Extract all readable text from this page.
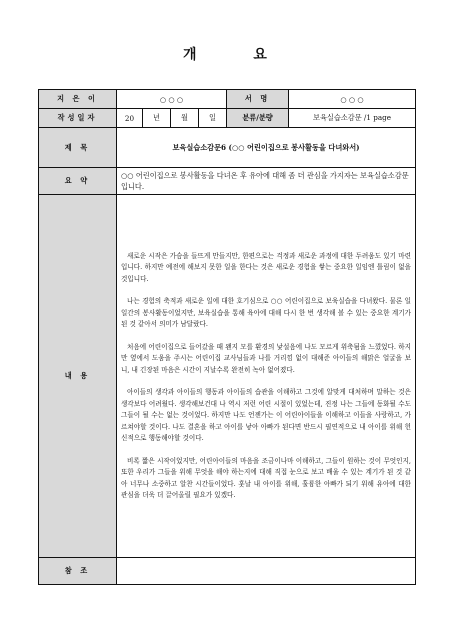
개 요
지 은 이	○ ○ ○				서 명	○ ○ ○
작성일자	20	년	월	일	분류/분량	보육실습소감문 /1 page
제 목	보육실습소감문6 (○○ 어린이집으로 봉사활동을 다녀와서)					
요 약	○○ 어린이집으로 봉사활동을 다녀온 후 유아에 대해 좀 더 관심을 가지자는 보육실습소감문입니다.					
내 용	새로운 시작은 가슴을 들뜨게 만들지만, 한편으로는 걱정과 새로운 과정에 대한 두려움도 있기 마련입니다. 하지만 예전에 해보지 못한 일을 한다는 것은 새로운 경험을 쌓는 중요한 일임엔 틀림이 없을 것입니다.

나는 경험의 축적과 새로운 일에 대한 호기심으로 ○○ 어린이집으로 보육실습을 다녀왔다. 물론 일일간의 봉사활동이었지만, 보육실습을 통해 육아에 대해 다시 한 번 생각해 볼 수 있는 중요한 계기가 된 것 같아서 의미가 남달랐다.

처음에 어린이집으로 들어갔을 때 왠지 모를 환경의 낯설음에 나도 모르게 위축됨을 느꼈었다. 하지만 옆에서 도움을 주시는 어린이집 교사님들과 나를 거리낌 없이 대해준 아이들의 해맑은 얼굴을 보니, 내 긴장된 마음은 시간이 지날수록 완전히 녹아 없어졌다.

아이들의 생각과 아이들의 행동과 아이들의 습관을 이해하고 그것에 알맞게 대처하며 말하는 것은 생각보다 어려웠다. 생각해보건대 나 역시 저런 어린 시절이 있었는데, 진정 나는 그들에 동화될 수도 그들이 될 수는 없는 것이었다. 하지만 나도 언젠가는 이 어린아이들을 이해하고 이들을 사랑하고, 가르쳐야할 것이다. 나도 결혼을 하고 아이를 낳아 아빠가 된다면 반드시 필연적으로 내 아이를 위해 헌신적으로 행동해야할 것이다.

비록 짧은 시작이었지만, 어린아이들의 마음을 조금이나마 이해하고, 그들이 원하는 것이 무엇인지, 또한 우리가 그들을 위해 무엇을 해야 하는지에 대해 직접 눈으로 보고 배울 수 있는 계기가 된 것 같아 너무나 소중하고 알찬 시간들이었다. 훗날 내 아이를 위해, 훌륭한 아빠가 되기 위해 유아에 대한 관심을 더욱 더 끌어올릴 필요가 있겠다.					

참 조						
